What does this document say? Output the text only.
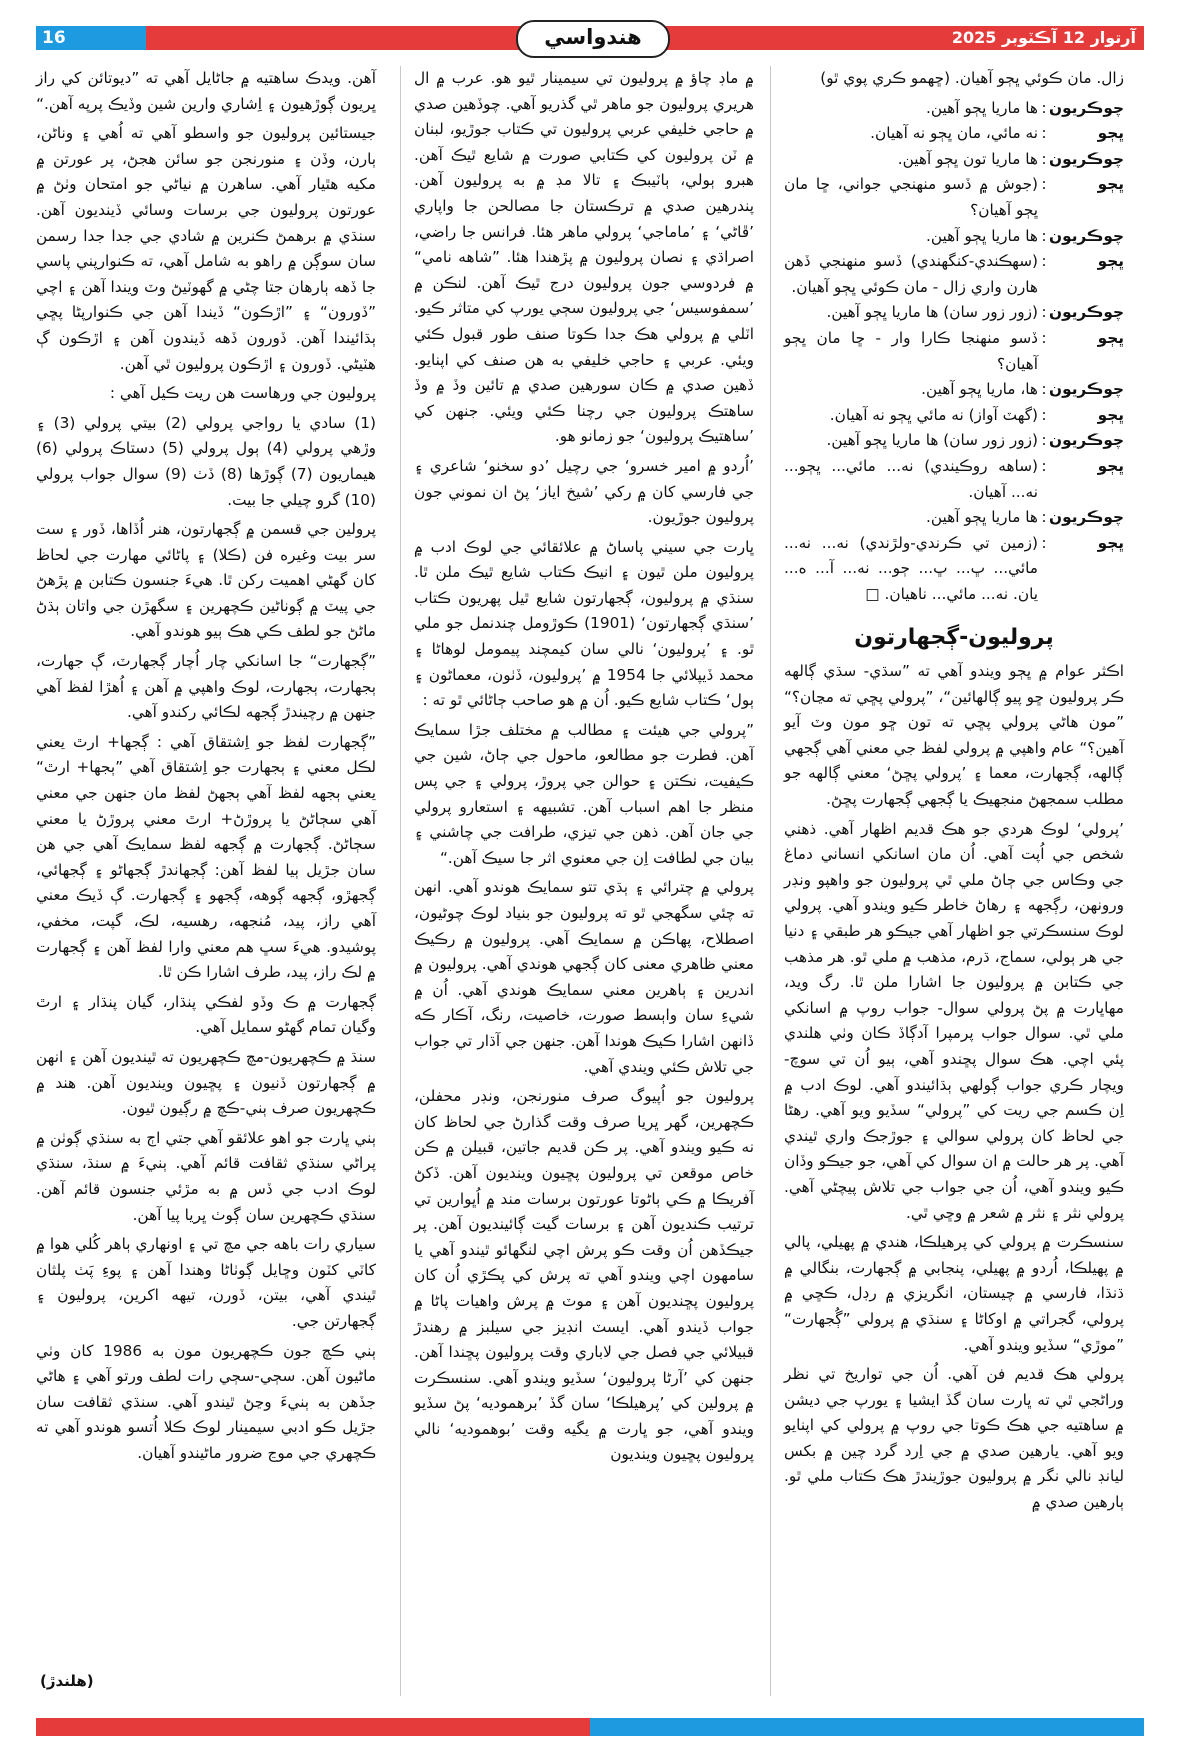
16	هندواسي	آرتوار 12 آڪٽوبر 2025

زال. مان ڪوئي ڀڄو آهيان. (ڇهمو ڪري پوي ٿو)

چوڪريون
:
ها ماريا ڀڄو آهين.
ڀڄو
:
نه مائي، مان ڀڄو نه آهيان.
چوڪريون
:
ها ماريا تون ڀڄو آهين.
ڀڄو
:
(جوش ۾ ڏسو منهنجي جواني، ڇا مان ڀڄو آهيان؟
چوڪريون
:
ها ماريا ڀڄو آهين.
ڀڄو
:
(سهڪندي-کنگهندي) ڏسو منهنجي ڏهن هارن واري زال - مان ڪوئي ڀڄو آهيان.
چوڪريون
:
(زور زور سان) ها ماريا ڀڄو آهين.
ڀڄو
:
ڏسو منهنجا ڪارا وار - ڇا مان ڀڄو آهيان؟
چوڪريون
:
ها، ماريا ڀڄو آهين.
ڀڄو
:
(گهٽ آواز) نه مائي ڀڄو نه آهيان.
چوڪريون
:
(زور زور سان) ها ماريا ڀڄو آهين.
ڀڄو
:
(ساهه روڪيندي) نه... مائي... ڀڄو... نه... آهيان.
چوڪريون
:
ها ماريا ڀڄو آهين.
ڀڄو
:
(زمين تي ڪرندي-ولڙندي) نه... نه... مائي... ڀ... ڀ... ڄو... نه... آ... ه... يان. نه... مائي... ناهيان. □
پروليون-ڳجهارتون

اڪثر عوام ۾ ڀڄو ويندو آهي ته ”سڌي- سڌي ڳالهه ڪر پروليون ڇو پيو ڳالهائين“، ”پرولي پڇي ته مڃان؟“ ”مون هاڻي پرولي پڇي ته تون ڇو مون وٽ آيو آهين؟“ عام واهپي ۾ پرولي لفظ جي معني آهي ڳجهي ڳالهه، ڳجهارت، معما ۽ ’پرولي پڇڻ‘ معني ڳالهه جو مطلب سمجهڻ منجهيڪ يا ڳجهي ڳجهارت پڇڻ.

’پرولي‘ لوڪ هردي جو هڪ قديم اظهار آهي. ذهني شخص جي اُپت آهي. اُن مان اسانکي انساني دماغ جي وڪاس جي ڄاڻ ملي ٿي پروليون جو واهپو ونڊر ورونهن، رڳجهه ۽ رهاڻ خاطر ڪيو ويندو آهي. پرولي لوڪ سنسڪرتي جو اظهار آهي جيڪو هر طبقي ۽ دنيا جي هر ٻولي، سماج، ڌرم، مذهب ۾ ملي ٿو. هر مذهب جي ڪتابن ۾ پروليون جا اشارا ملن ٿا. رگ ويد، مهاڀارت ۾ پڻ پرولي سوال- جواب روپ ۾ اسانکي ملي ٿي. سوال جواب پرمپرا آدڳاڏ ڪان وٺي هلندي پئي اچي. هڪ سوال پڇندو آهي، ٻيو اُن تي سوچ- ويچار ڪري جواب ڳولهي ٻڌائيندو آهي. لوڪ ادب ۾ اِن ڪسم جي ريت کي ”پرولي“ سڏيو ويو آهي. رهڻا جي لحاظ کان پرولي سوالي ۽ جوڙجڪ واري ٿيندي آهي. پر هر حالت ۾ ان سوال کي آهي، جو جيڪو وڏان ڪيو ويندو آهي، اُن جي جواب جي تلاش پيچڻي آهي. پرولي نثر ۽ نثر ۾ شعر ۾ وڇي ٿي.

سنسڪرت ۾ پرولي کي پرهيلڪا، هندي ۾ پهيلي، پالي ۾ پهيلڪا، اُردو ۾ پهيلي، پنجابي ۾ ڳجهارت، بنگالي ۾ ڌنڌا، فارسي ۾ چيستان، انگريزي ۾ رڊل، ڪڇي ۾ پرولي، گجراتي ۾ اوکاڻا ۽ سنڌي ۾ پرولي ”ڳُجهارت“ ”موڙي“ سڏيو ويندو آهي.

پرولي هڪ قديم فن آهي. اُن جي تواريخ تي نظر وراڻجي ٿي ته ڀارت سان گڏ ايشيا ۽ يورپ جي ديشن ۾ ساهتيه جي هڪ ڪوتا جي روپ ۾ پرولي کي اپنايو ويو آهي. يارهين صدي ۾ جي اِرد گرد چين ۾ بکس ليانڊ نالي نگر ۾ پروليون جوڙيندڙ هڪ ڪتاب ملي ٿو. ٻارهين صدي ۾

۾ ماڊ چاؤ ۾ پروليون تي سيمينار ٿيو هو. عرب ۾ ال هريري پروليون جو ماهر ٿي گذريو آهي. چوڏهين صدي ۾ حاجي خليفي عربي پروليون تي ڪتاب جوڙيو، لبنان ۾ ٽن پروليون کي ڪتابي صورت ۾ شايع ٿيڪ آهن. هبرو ٻولي، ٻاٽيبڪ ۽ تالا مڊ ۾ به پروليون آهن. پندرهين صدي ۾ ترڪستان جا مصالحن جا واپاري ’ڦاڻي‘ ۽ ’ماماجي‘ پرولي ماهر هئا. فرانس جا راضي، اصراڌي ۽ نصان پروليون ۾ پڙهندا هئا. ”شاهه نامي“ ۾ فردوسي جون پروليون درج ٿيڪ آهن. لنڪن ۾ ’سمفوسيس‘ جي پروليون سڄي يورپ کي متاثر ڪيو. اٽلي ۾ پرولي هڪ جدا ڪوتا صنف طور قبول ڪئي ويئي. عربي ۽ حاجي خليفي به هن صنف کي اپنايو. ڏهين صدي ۾ ڪان سورهين صدي ۾ تائين وڏ ۾ وڏ ساهتڪ پروليون جي رچنا ڪئي ويئي. جنهن کي ’ساهتيڪ پروليون‘ جو زمانو هو.

’اُردو ۾ امير خسرو‘ جي رچيل ’دو سخنو‘ شاعري ۽ جي فارسي کان ۾ رکي ’شيخ اياز‘ پڻ ان نموني جون پروليون جوڙيون.

ڀارت جي سيني پاساڻ ۾ علائقائي جي لوڪ ادب ۾ پروليون ملن ٿيون ۽ انيڪ ڪتاب شايع ٿيڪ ملن ٿا. سنڌي ۾ پروليون، ڳجهارتون شايع ٿيل پهريون ڪتاب ’سنڌي ڳجهارتون‘ (1901) ڪوڙومل چندنمل جو ملي ٿو. ۽ ’پروليون‘ نالي سان کيمچند پيمومل لوهاڻا ۽ محمد ڏيپلائي جا 1954 ۾ ’پروليون، ڏٺون، معماڻون ۽ ٻول‘ ڪتاب شايع ڪيو. اُن ۾ هو صاحب ڄاڻائي ٿو ته :

”پرولي جي هيئت ۽ مطالب ۾ مختلف جڙا سمايڪ آهن. فطرت جو مطالعو، ماحول جي ڄاڻ، شين جي ڪيفيت، نڪتن ۽ حوالن جي پروڙ، پرولي ۽ جي پس منظر جا اهم اسباب آهن. تشبيهه ۽ استعارو پرولي جي جان آهن. ذهن جي تيزي، طرافت جي چاشني ۽ بيان جي لطافت اِن جي معنوي اثر جا سيڪ آهن.“

پرولي ۾ چترائي ۽ ٻڌي تتو سمايڪ هوندو آهي. انهن ته چئي سگهجي ٿو ته پروليون جو بنياد لوڪ چوڻيون، اصطلاح، پهاڪن ۾ سمايڪ آهي. پروليون ۾ رڪيڪ معني ظاهري معنى کان ڳجهي هوندي آهي. پروليون ۾ اندرين ۽ ٻاهرين معني سمايڪ هوندي آهي. اُن ۾ شيءِ سان واٻسط صورت، خاصيت، رنگ، آڪار ڪه ڏانهن اشارا ڪيڪ هوندا آهن. جنهن جي آڌار تي جواب جي تلاش ڪئي ويندي آهي.

پروليون جو اُپيوگ صرف منورنجن، ونڊر محفلن، ڪچهرين، گهر ڀريا صرف وقت گذارڻ جي لحاظ کان نه ڪيو ويندو آهي. پر ڪن قديم جاتين، قبيلن ۾ ڪن خاص موقعن تي پروليون پڇيون وينديون آهن. ڏکڻ آفريڪا ۾ ڪي ٻاڻوتا عورتون برسات مند ۾ اُڀوارين تي ترتيب ڪنديون آهن ۽ برسات گيت ڳائينديون آهن. پر جيڪڏهن اُن وقت ڪو پرش اچي لنگهائو ٿيندو آهي يا سامهون اچي ويندو آهي ته پرش کي پڪڙي اُن کان پروليون پڇنديون آهن ۽ موٽ ۾ پرش واهيات پاڻا ۾ جواب ڏيندو آهي. ايسٽ انڊيز جي سيلبز ۾ رهندڙ قبيلائي جي فصل جي لاباري وقت پروليون پڇندا آهن. جنهن کي ’آرڻا پروليون‘ سڏيو ويندو آهي. سنسڪرت ۾ پرولين کي ’پرهيلڪا‘ سان گڏ ’برهموديه‘ پڻ سڏيو ويندو آهي، جو ڀارت ۾ يگيه وقت ’بوهموديه‘ نالي پروليون پڇيون وينديون

آهن. ويدڪ ساهتيه ۾ جاڻايل آهي ته ”ديوتائن کي راز ڀريون ڳوڙهيون ۽ اِشاري وارين شين وڏيڪ پرپه آهن.“

جيستائين پروليون جو واسطو آهي ته اُهي ۽ وناڻن، ٻارن، وڏن ۽ منورنجن جو سائن هجڻ، پر عورتن ۾ مکيه هٿيار آهي. ساهرن ۾ نياڻي جو امتحان وٺڻ ۾ عورتون پروليون جي برسات وسائي ڏينديون آهن. سنڌي ۾ برهمڻ ڪنرين ۾ شادي جي جدا جدا رسمن سان سوڳن ۾ راهو به شامل آهي، ته ڪنوارپني پاسي جا ڏهه ٻارهان جتا چڻي ۾ گهوٽيڻ وٽ ويندا آهن ۽ اچي ”ڏورون“ ۽ ”اڙڪون“ ڏيندا آهن جي ڪنوارپڻا پڇي ٻڌائيندا آهن. ڏورون ڏهه ڏيندون آهن ۽ اڙڪون ڳ هٽيڻي. ڏورون ۽ اڙڪون پروليون ٿي آهن.

پروليون جي ورهاست هن ريت ڪيل آهي :

(1) سادي يا رواجي پرولي (2) بيتي پرولي (3) ۽ وڙهي پرولي (4) ٻول پرولي (5) دستاڪ پرولي (6) هيماريون (7) ڳوڙها (8) ڏٺ (9) سوال جواب پرولي (10) گرو چيلي جا بيت.

پرولين جي قسمن ۾ ڳجهارتون، هنر اُڏاها، ڏور ۽ ست سر بيت وغيره فن (ڪلا) ۽ پاڻائي مهارت جي لحاظ کان گهڻي اهميت رکن ٿا. هيءَ جنسون ڪتابن ۾ پڙهڻ جي پيٽ ۾ ڳوناڻين ڪچهرين ۽ سگهڙن جي واتان ٻڌڻ ماڻڻ جو لطف ڪي هڪ ٻيو هوندو آهي.

”ڳجهارت“ جا اسانکي چار اُچار ڳجهارٽ، ڳ جهارت، ٻجهارت، ٻجهارت، لوڪ واهپي ۾ آهن ۽ اُهڙا لفظ آهي جنهن ۾ رچيندڙ ڳجهه لڪائي رکندو آهي.

”ڳجهارت لفظ جو اِشتقاق آهي : ڳجها+ ارٿ يعني لڪل معني ۽ ٻجهارت جو اِشتقاق آهي ”ٻجها+ ارٿ“ يعني ٻجهه لفظ آهي ٻجهڻ لفظ مان جنهن جي معني آهي سڄاڻڻ يا پروڙڻ+ ارٿ معني پروڙڻ يا معني سڄاڻڻ. ڳجهارت ۾ ڳجهه لفظ سمايڪ آهي جي هن سان جڙيل ٻيا لفظ آهن: ڳجهاندڙ ڳجهاڻو ۽ ڳجهائي، ڳجهڙو، ڳجهه ڳوهه، ڳجهو ۽ ڳجهارت. ڳ ڏيڪ معني آهي راز، پيد، مُنجهه، رهسيه، لڪ، گپت، مخفي، پوشيدو. هيءَ سڀ هم معني وارا لفظ آهن ۽ ڳجهارت ۾ لڪ راز، پيد، طرف اشارا ڪن ٿا.

ڳجهارت ۾ ڪ وڏو لفڪي پنڌار، گيان پنڌار ۽ ارٿ وگيان تمام گهڻو سمايل آهي.

سنڌ ۾ ڪچهريون-مچ ڪچهريون ته ٿينديون آهن ۽ انهن ۾ ڳجهارتون ڏنيون ۽ پڇيون وينديون آهن. هند ۾ ڪچهريون صرف ٻني-ڪچ ۾ رڳيون ٿيون.

ٻني ڀارت جو اهو علائقو آهي جتي اڄ به سنڌي ڳوٺن ۾ پراڻي سنڌي ثقافت قائم آهي. ٻنيءَ ۾ سنڌ، سنڌي لوڪ ادب جي ڏس ۾ به مڙئي جنسون قائم آهن. سنڌي ڪچهرين سان ڳوٺ ڀريا پيا آهن.

سياري رات باهه جي مچ تي ۽ اونهاري ٻاهر کُلي هوا ۾ کاٽي کٽون وڇايل ڳوٺاڻا وهندا آهن ۽ پوءِ پَٺ پلثان ٿيندي آهي، بيتن، ڏورن، تيهه اکرين، پروليون ۽ ڳجهارتن جي.

ٻني ڪچ جون ڪچهريون مون به 1986 کان وٺي ماڻيون آهن. سڄي-سڄي رات لطف ورتو آهي ۽ هاڻي جڏهن به ٻنيءَ وڃڻ ٿيندو آهي. سنڌي ثقافت سان جڙيل ڪو ادبي سيمينار لوڪ ڪلا اُتسو هوندو آهي ته ڪچهري جي موڃ ضرور ماڻيندو آهيان.

(هلندڙ)
